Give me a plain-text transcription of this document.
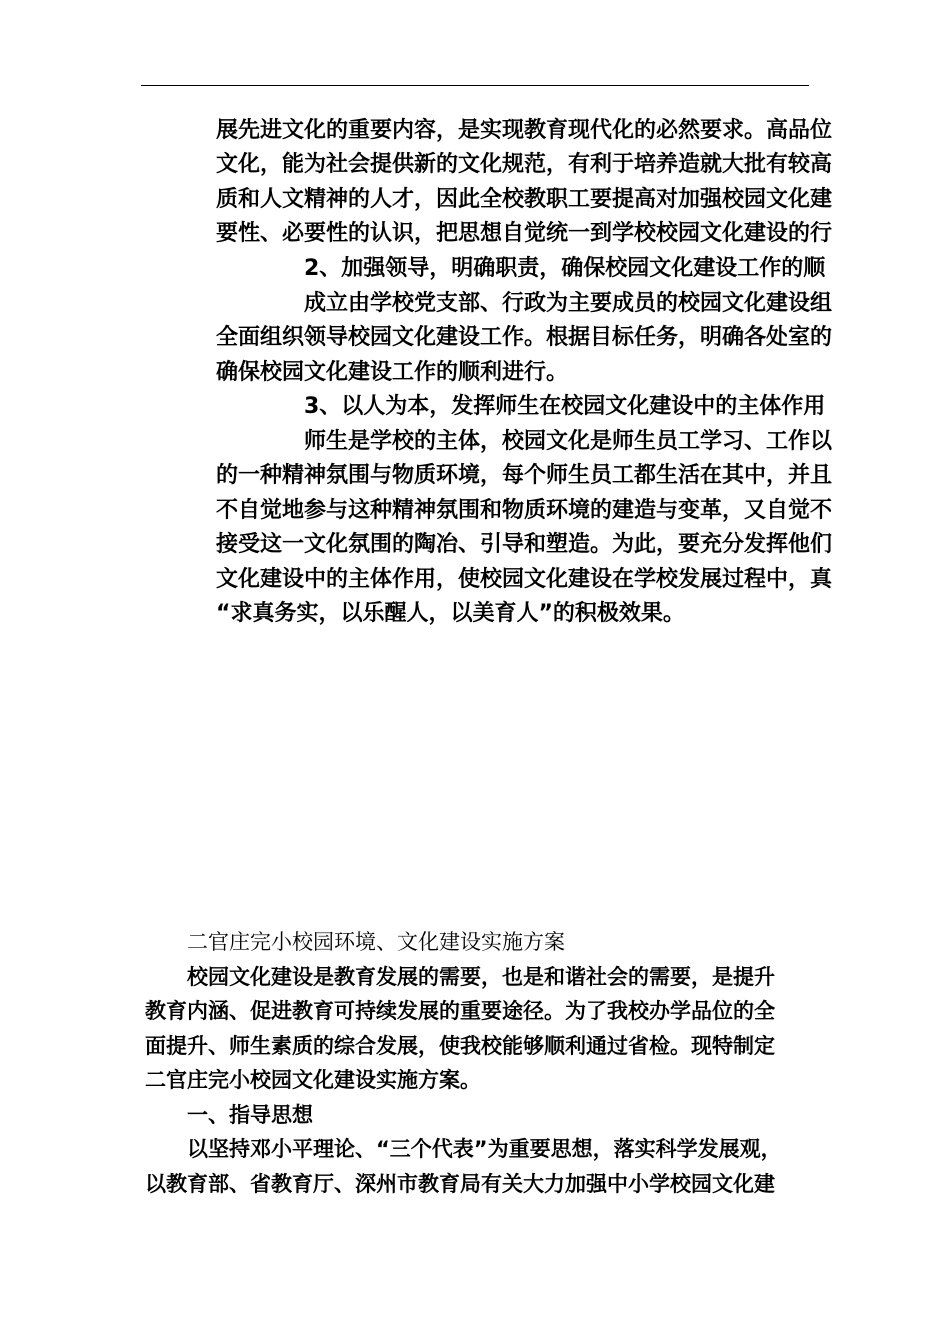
展先进文化的重要内容，是实现教育现代化的必然要求。高品位
文化，能为社会提供新的文化规范，有利于培养造就大批有较高
质和人文精神的人才，因此全校教职工要提高对加强校园文化建
要性、必要性的认识，把思想自觉统一到学校校园文化建设的行
2、加强领导，明确职责，确保校园文化建设工作的顺
成立由学校党支部、行政为主要成员的校园文化建设组
全面组织领导校园文化建设工作。根据目标任务，明确各处室的
确保校园文化建设工作的顺利进行。
3、以人为本，发挥师生在校园文化建设中的主体作用
师生是学校的主体，校园文化是师生员工学习、工作以
的一种精神氛围与物质环境，每个师生员工都生活在其中，并且
不自觉地参与这种精神氛围和物质环境的建造与变革，又自觉不
接受这一文化氛围的陶冶、引导和塑造。为此，要充分发挥他们
文化建设中的主体作用，使校园文化建设在学校发展过程中，真
“求真务实，以乐醒人，以美育人”的积极效果。
二官庄完小校园环境、文化建设实施方案
校园文化建设是教育发展的需要，也是和谐社会的需要，是提升
教育内涵、促进教育可持续发展的重要途径。为了我校办学品位的全
面提升、师生素质的综合发展，使我校能够顺利通过省检。现特制定
二官庄完小校园文化建设实施方案。
一、指导思想
以坚持邓小平理论、“三个代表”为重要思想，落实科学发展观，
以教育部、省教育厅、深州市教育局有关大力加强中小学校园文化建
